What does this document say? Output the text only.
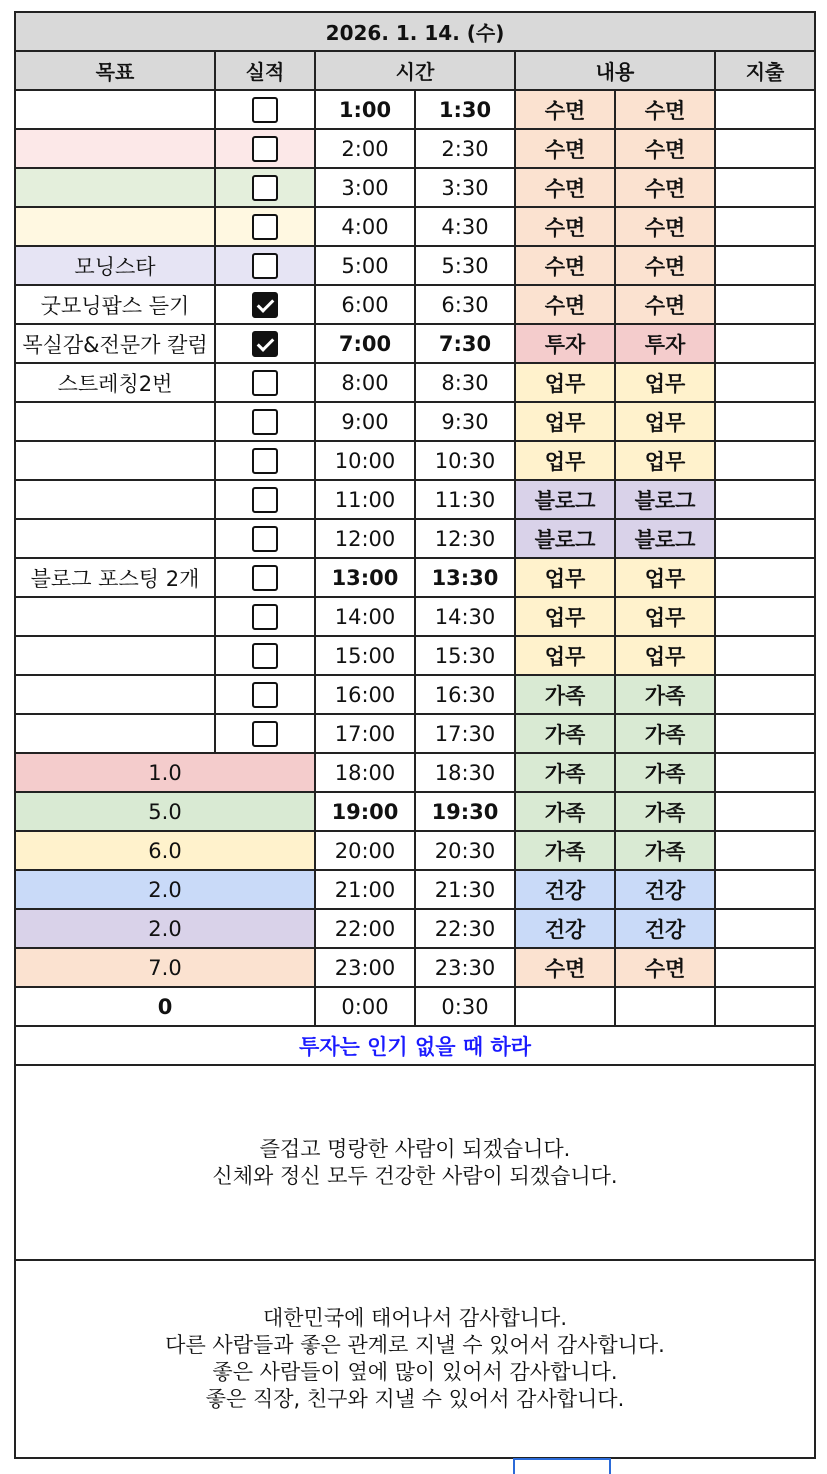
2026. 1. 14. (수)						
목표	실적	시간		내용		지출
		1:00	1:30	수면	수면	
		2:00	2:30	수면	수면	
		3:00	3:30	수면	수면	
		4:00	4:30	수면	수면	
모닝스타		5:00	5:30	수면	수면	
굿모닝팝스 듣기		6:00	6:30	수면	수면	
목실감&전문가 칼럼		7:00	7:30	투자	투자	
스트레칭2번		8:00	8:30	업무	업무	
		9:00	9:30	업무	업무	
		10:00	10:30	업무	업무	
		11:00	11:30	블로그	블로그	
		12:00	12:30	블로그	블로그	
블로그 포스팅 2개		13:00	13:30	업무	업무	
		14:00	14:30	업무	업무	
		15:00	15:30	업무	업무	
		16:00	16:30	가족	가족	
		17:00	17:30	가족	가족	
1.0		18:00	18:30	가족	가족	
5.0		19:00	19:30	가족	가족	
6.0		20:00	20:30	가족	가족	
2.0		21:00	21:30	건강	건강	
2.0		22:00	22:30	건강	건강	
7.0		23:00	23:30	수면	수면	
0		0:00	0:30			
투자는 인기 없을 때 하라						

즐겁고 명랑한 사람이 되겠습니다.
신체와 정신 모두 건강한 사람이 되겠습니다.						

대한민국에 태어나서 감사합니다.
다른 사람들과 좋은 관계로 지낼 수 있어서 감사합니다.
좋은 사람들이 옆에 많이 있어서 감사합니다.
좋은 직장, 친구와 지낼 수 있어서 감사합니다.						
